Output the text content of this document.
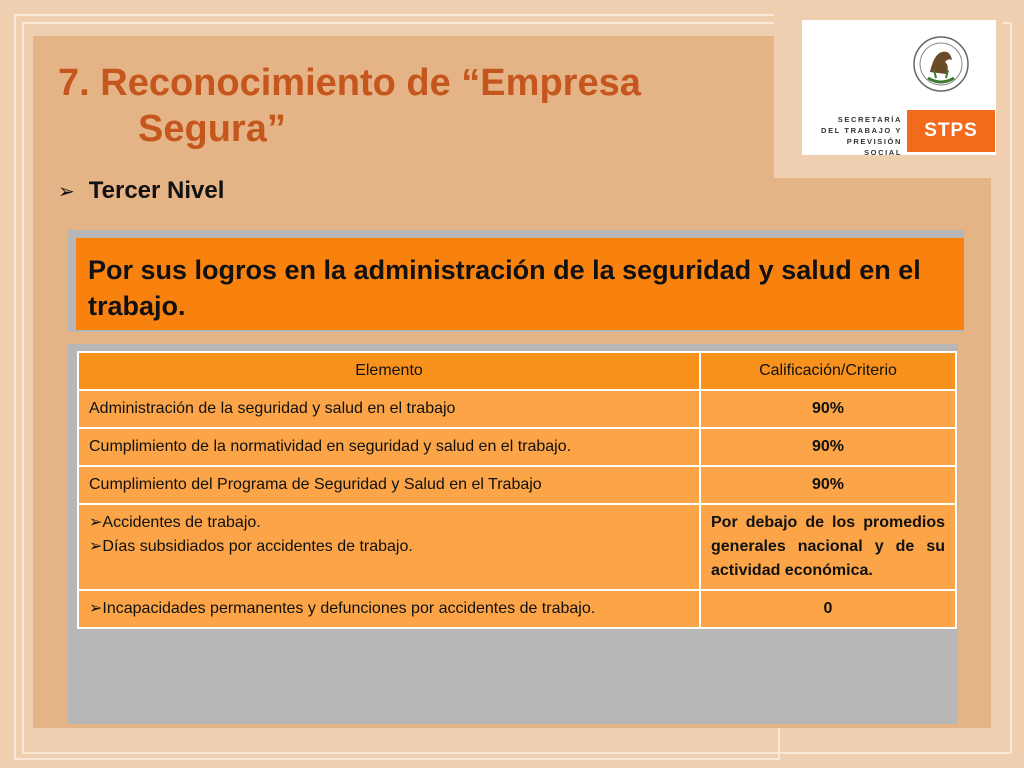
SECRETARÍA
DEL TRABAJO Y
PREVISIÓN SOCIAL
STPS
7. Reconocimiento de “Empresa
Segura”
➢ Tercer Nivel
Por sus logros en la administración de la seguridad y salud en el trabajo.
Elemento	Calificación/Criterio
Administración de la seguridad y salud en el trabajo	90%
Cumplimiento de la normatividad en seguridad y salud en el trabajo.	90%
Cumplimiento del Programa de Seguridad y Salud en el Trabajo	90%

➢Accidentes de trabajo.
➢Días subsidiados por accidentes de trabajo.	Por debajo de los promedios generales nacional y de su actividad económica.
➢Incapacidades permanentes y defunciones por accidentes de trabajo.	0
